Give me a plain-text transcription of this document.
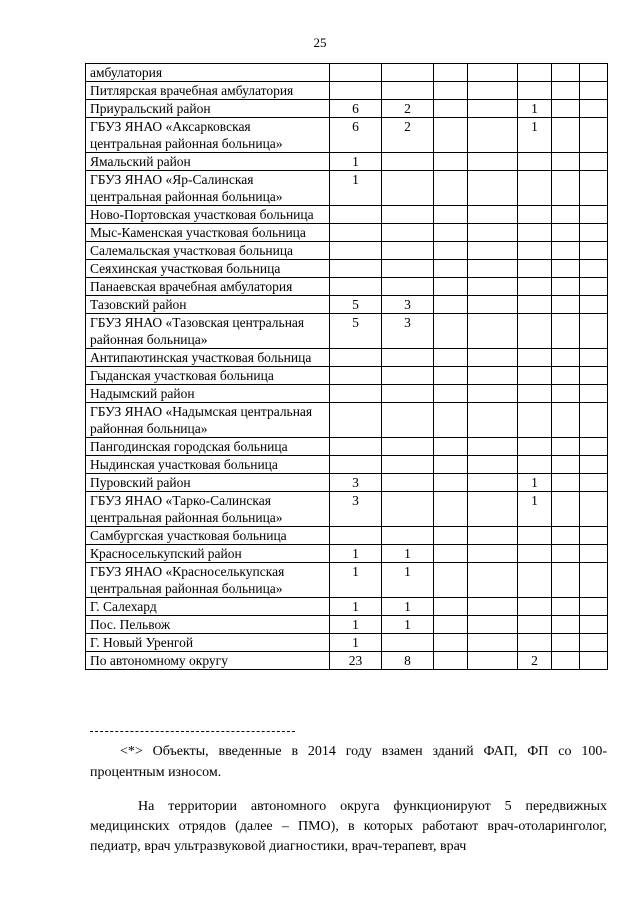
25
амбулатория							
Питлярская врачебная амбулатория							
Приуральский район	6	2			1		
ГБУЗ ЯНАО «Аксарковская центральная районная больница»	6	2			1		
Ямальский район	1						
ГБУЗ ЯНАО «Яр-Салинская центральная районная больница»	1						
Ново-Портовская участковая больница							
Мыс-Каменская участковая больница							
Салемальская участковая больница							
Сеяхинская участковая больница							
Панаевская врачебная амбулатория							
Тазовский район	5	3					
ГБУЗ ЯНАО «Тазовская центральная районная больница»	5	3					
Антипаютинская участковая больница							
Гыданская участковая больница							
Надымский район							
ГБУЗ ЯНАО «Надымская центральная районная больница»							
Пангодинская городская больница							
Ныдинская участковая больница							
Пуровский район	3				1		
ГБУЗ ЯНАО «Тарко-Салинская центральная районная больница»	3				1		
Самбургская участковая больница							
Красноселькупский район	1	1					
ГБУЗ ЯНАО «Красноселькупская центральная районная больница»	1	1					
Г. Салехард	1	1					
Пос. Пельвож	1	1					
Г. Новый Уренгой	1						
По автономному округу	23	8			2		
<*> Объекты, введенные в 2014 году взамен зданий ФАП, ФП со 100-процентным износом.
На территории автономного округа функционируют 5 передвижных медицинских отрядов (далее – ПМО), в которых работают врач-отоларинголог, педиатр, врач ультразвуковой диагностики, врач-терапевт, врач
